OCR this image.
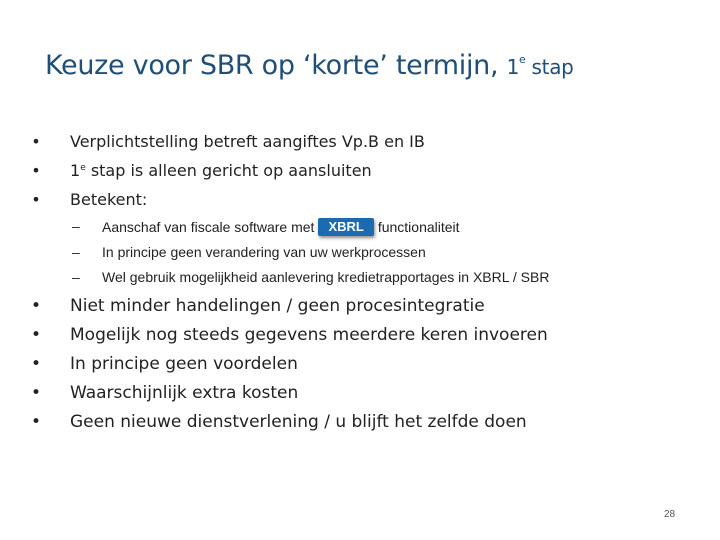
Keuze voor SBR op ‘korte’ termijn, 1e stap
• Verplichtstelling betreft aangiftes Vp.B en IB
• 1e stap is alleen gericht op aansluiten
• Betekent:
– Aanschaf van fiscale software met XBRL functionaliteit
– In principe geen verandering van uw werkprocessen
– Wel gebruik mogelijkheid aanlevering kredietrapportages in XBRL / SBR
• Niet minder handelingen / geen procesintegratie
• Mogelijk nog steeds gegevens meerdere keren invoeren
• In principe geen voordelen
• Waarschijnlijk extra kosten
• Geen nieuwe dienstverlening / u blijft het zelfde doen
28
